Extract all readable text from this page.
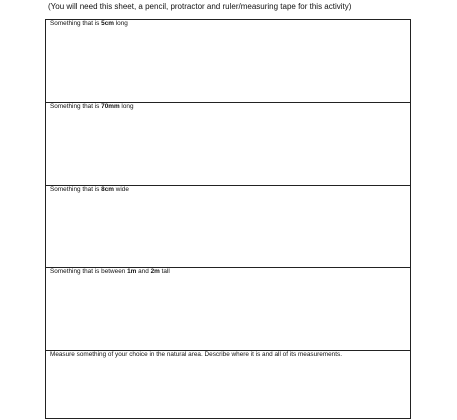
(You will need this sheet, a pencil, protractor and ruler/measuring tape for this activity)
Something that is 5cm long
Something that is 70mm long
Something that is 8cm wide
Something that is between 1m and 2m tall
Measure something of your choice in the natural area. Describe where it is and all of its measurements.
